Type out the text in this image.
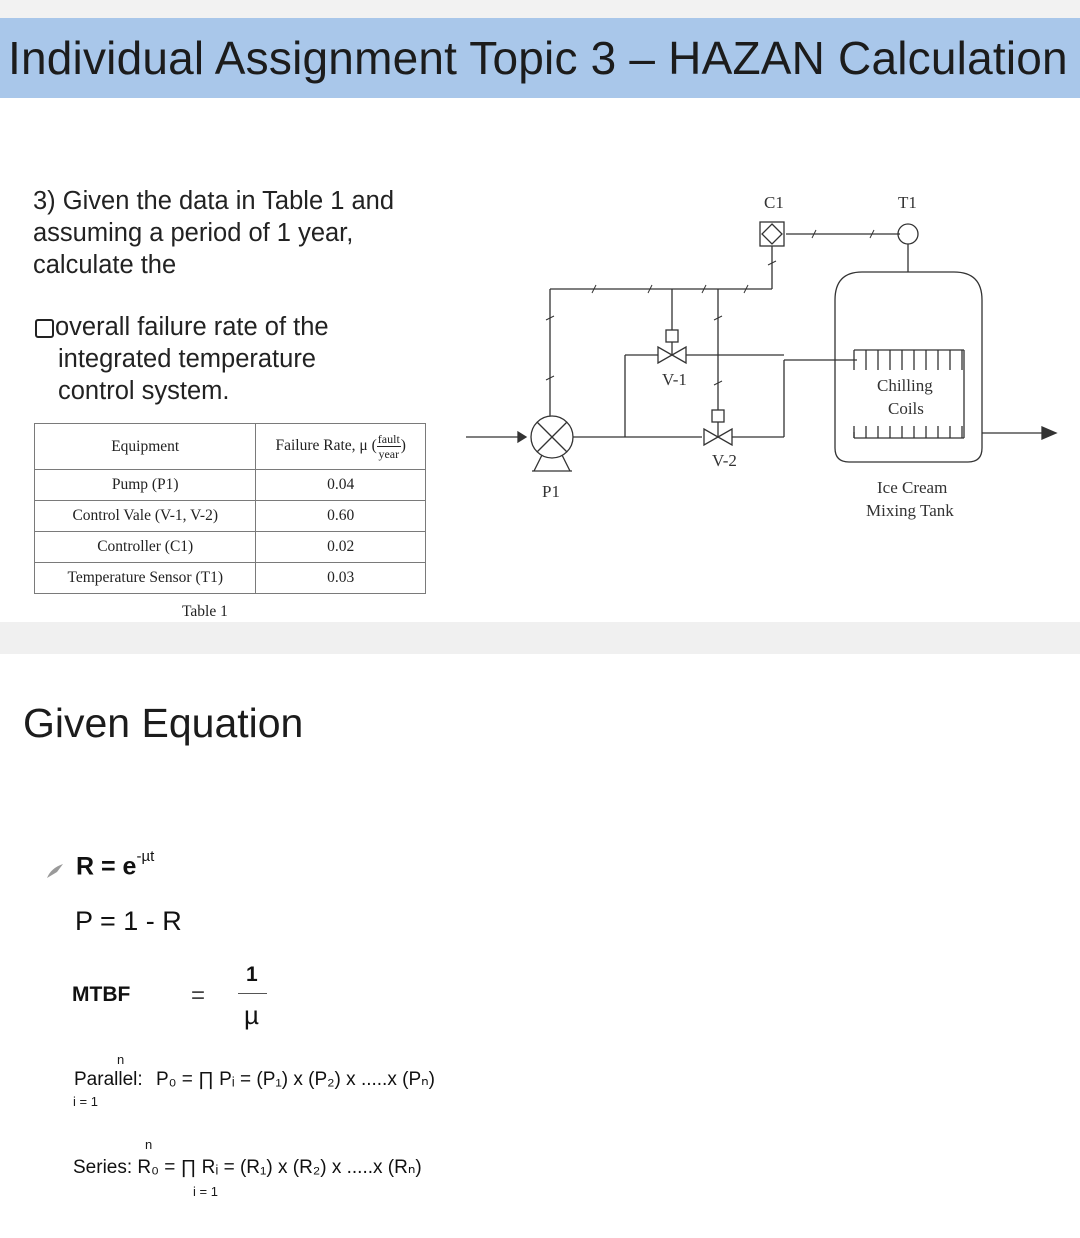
Individual Assignment Topic 3 – HAZAN Calculation
3) Given the data in Table 1 and assuming a period of 1 year, calculate the
overall failure rate of the
integrated temperature
control system.
Equipment	Failure Rate, μ ( fault
year )
Pump (P1)	0.04
Control Vale (V-1, V-2)	0.60
Controller (C1)	0.02
Temperature Sensor (T1)	0.03
Table 1
C1	T1
V-1
V-2
P1
Chilling
Coils
Ice Cream
Mixing Tank
Given Equation
$R = e^{-\mu t}$
P = 1 - R
MTBF	=
1
µ
n
Parallel: P₀ = ∏ Pᵢ = (P₁) x (P₂) x .....x (Pₙ)
i = 1
n
Series: R₀ = ∏ Rᵢ = (R₁) x (R₂) x .....x (Rₙ)
i = 1
